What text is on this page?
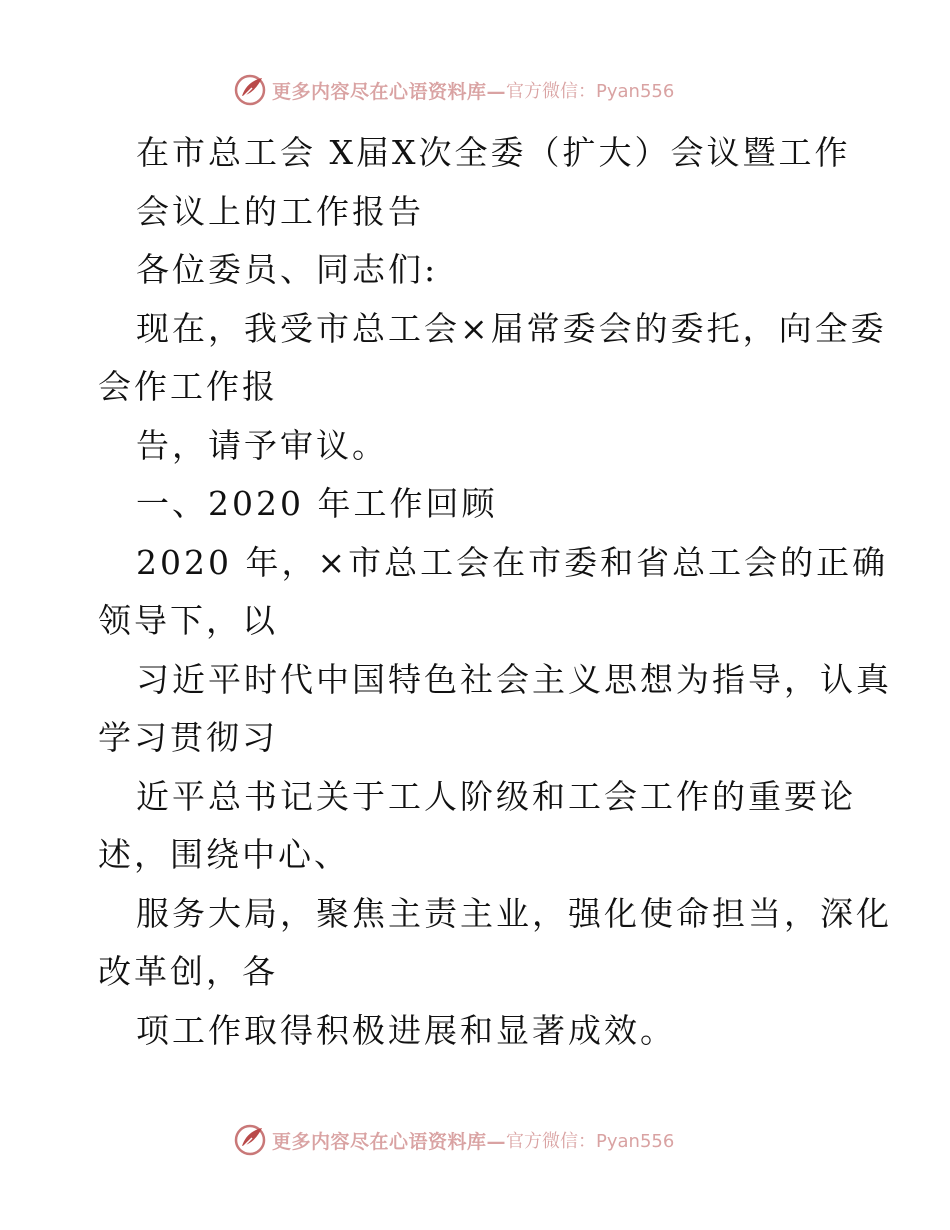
更多内容尽在心语资料库— 官方微信：Pyan556
在市总工会 X届X次全委（扩大）会议暨工作
会议上的工作报告
各位委员、同志们:
现在，我受市总工会×届常委会的委托，向全委
会作工作报
告，请予审议。
一、2020 年工作回顾
2020 年，×市总工会在市委和省总工会的正确
领导下，以
习近平时代中国特色社会主义思想为指导，认真
学习贯彻习
近平总书记关于工人阶级和工会工作的重要论
述，围绕中心、
服务大局，聚焦主责主业，强化使命担当，深化
改革创，各
项工作取得积极进展和显著成效。
更多内容尽在心语资料库— 官方微信：Pyan556
